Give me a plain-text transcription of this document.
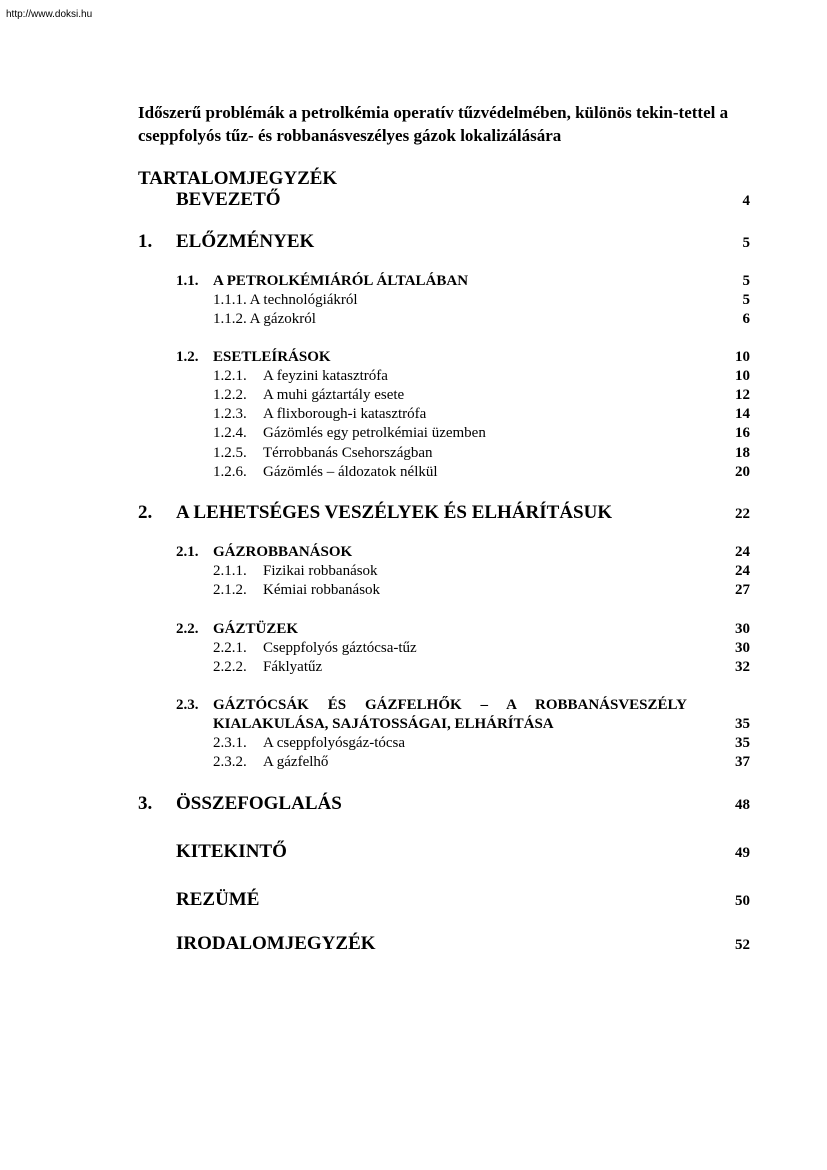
http://www.doksi.hu
Időszerű problémák a petrolkémia operatív tűzvédelmében, különös tekin-tettel a cseppfolyós tűz- és robbanásveszélyes gázok lokalizálására
TARTALOMJEGYZÉK
BEVEZETŐ	4
1. ELŐZMÉNYEK	5
1.1. A PETROLKÉMIÁRÓL ÁLTALÁBAN	5
1.1.1. A technológiákról	5
1.1.2. A gázokról	6
1.2. ESETLEÍRÁSOK	10
1.2.1. A feyzini katasztrófa	10
1.2.2. A muhi gáztartály esete	12
1.2.3. A flixborough-i katasztrófa	14
1.2.4. Gázömlés egy petrolkémiai üzemben	16
1.2.5. Térrobbanás Csehországban	18
1.2.6. Gázömlés – áldozatok nélkül	20
2. A LEHETSÉGES VESZÉLYEK ÉS ELHÁRÍTÁSUK	22
2.1. GÁZROBBANÁSOK	24
2.1.1. Fizikai robbanások	24
2.1.2. Kémiai robbanások	27
2.2. GÁZTÜZEK	30
2.2.1. Cseppfolyós gáztócsa-tűz	30
2.2.2. Fáklyatűz	32
2.3. GÁZTÓCSÁK ÉS GÁZFELHŐK – A ROBBANÁSVESZÉLY
KIALAKULÁSA, SAJÁTOSSÁGAI, ELHÁRÍTÁSA	35
2.3.1. A cseppfolyósgáz-tócsa	35
2.3.2. A gázfelhő	37
3. ÖSSZEFOGLALÁS	48
KITEKINTŐ	49
REZÜMÉ	50
IRODALOMJEGYZÉK	52
